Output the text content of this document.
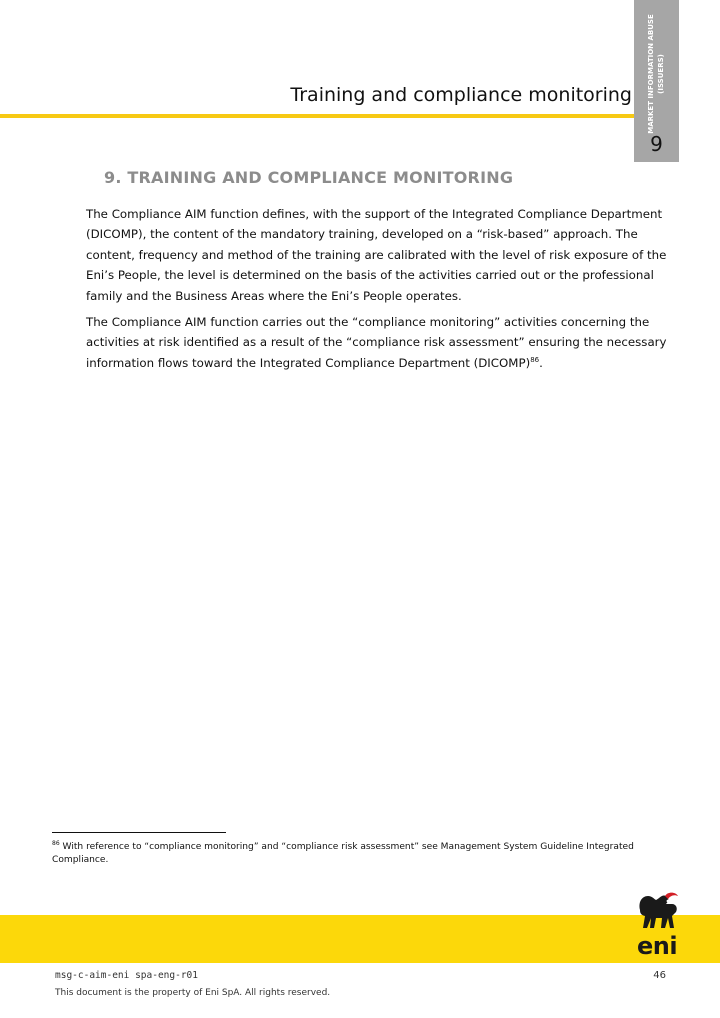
Training and compliance monitoring MARKET INFORMATION ABUSE (ISSUERS)
9
9. TRAINING AND COMPLIANCE MONITORING

The Compliance AIM function defines, with the support of the Integrated Compliance Department (DICOMP), the content of the mandatory training, developed on a “risk-based” approach. The content, frequency and method of the training are calibrated with the level of risk exposure of the Eni’s People, the level is determined on the basis of the activities carried out or the professional family and the Business Areas where the Eni’s People operates.

The Compliance AIM function carries out the “compliance monitoring” activities concerning the activities at risk identified as a result of the “compliance risk assessment” ensuring the necessary information flows toward the Integrated Compliance Department (DICOMP)$^{86}$.

$^{86}$ With reference to “compliance monitoring” and “compliance risk assessment” see Management System Guideline Integrated Compliance.
eni
msg-c-aim-eni spa-eng-r01	46
This document is the property of Eni SpA. All rights reserved.
